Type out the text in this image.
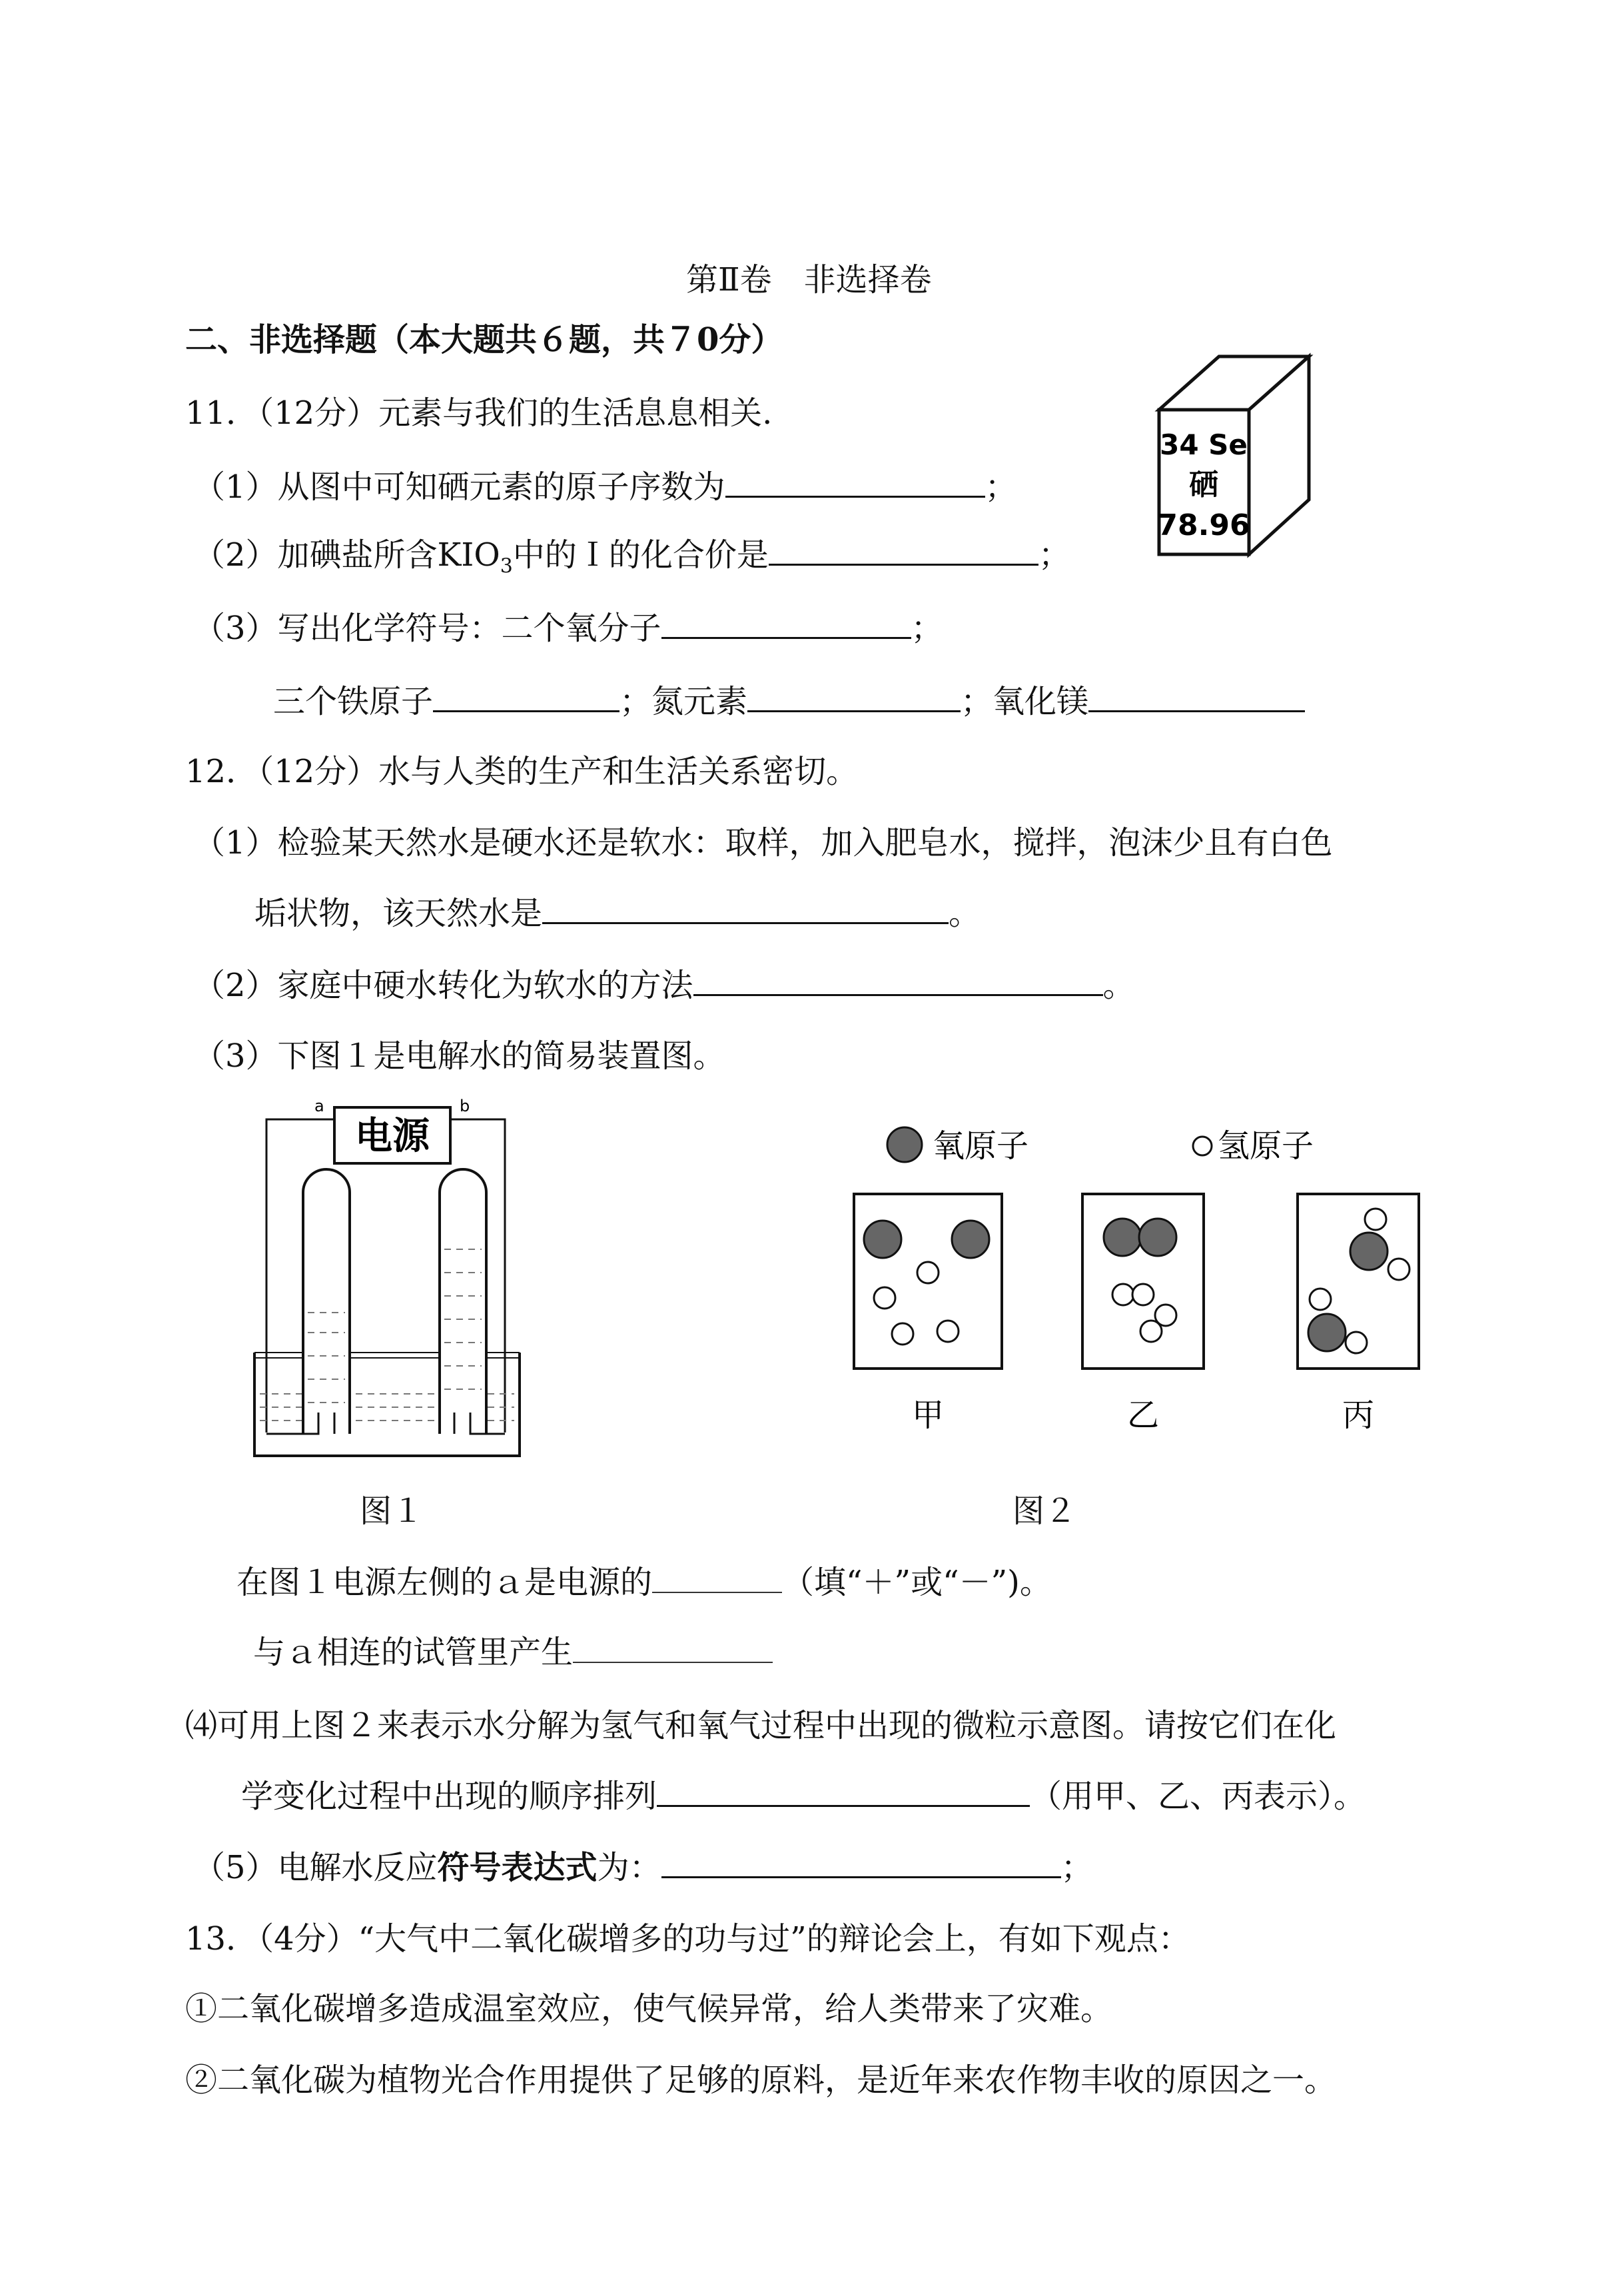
第Ⅱ卷　非选择卷
二、非选择题（本大题共６题，共７0分）
11．（12分）元素与我们的生活息息相关.
（1）从图中可知硒元素的原子序数为	；
（2）加碘盐所含$KIO_3$中的Ｉ的化合价是	；
（3）写出化学符号：二个氧分子	；
三个铁原子	；氮元素	；氧化镁
34 Se
硒
78.96
12．（12分）水与人类的生产和生活关系密切。
（1）检验某天然水是硬水还是软水：取样，加入肥皂水，搅拌，泡沫少且有白色
垢状物，该天然水是	。
（2）家庭中硬水转化为软水的方法	。
（3）下图１是电解水的简易装置图。
电源
a	b
图１
氧原子	氢原子
甲	乙	丙
图２
在图１电源左侧的ａ是电源的	（填“＋”或“－”)。
与ａ相连的试管里产生
⑷可用上图２来表示水分解为氢气和氧气过程中出现的微粒示意图。请按它们在化
学变化过程中出现的顺序排列	（用甲、乙、丙表示）。
（5）电解水反应符号表达式为：	；
13．（4分）“大气中二氧化碳增多的功与过”的辩论会上，有如下观点：
①二氧化碳增多造成温室效应，使气候异常，给人类带来了灾难。
②二氧化碳为植物光合作用提供了足够的原料，是近年来农作物丰收的原因之一。
